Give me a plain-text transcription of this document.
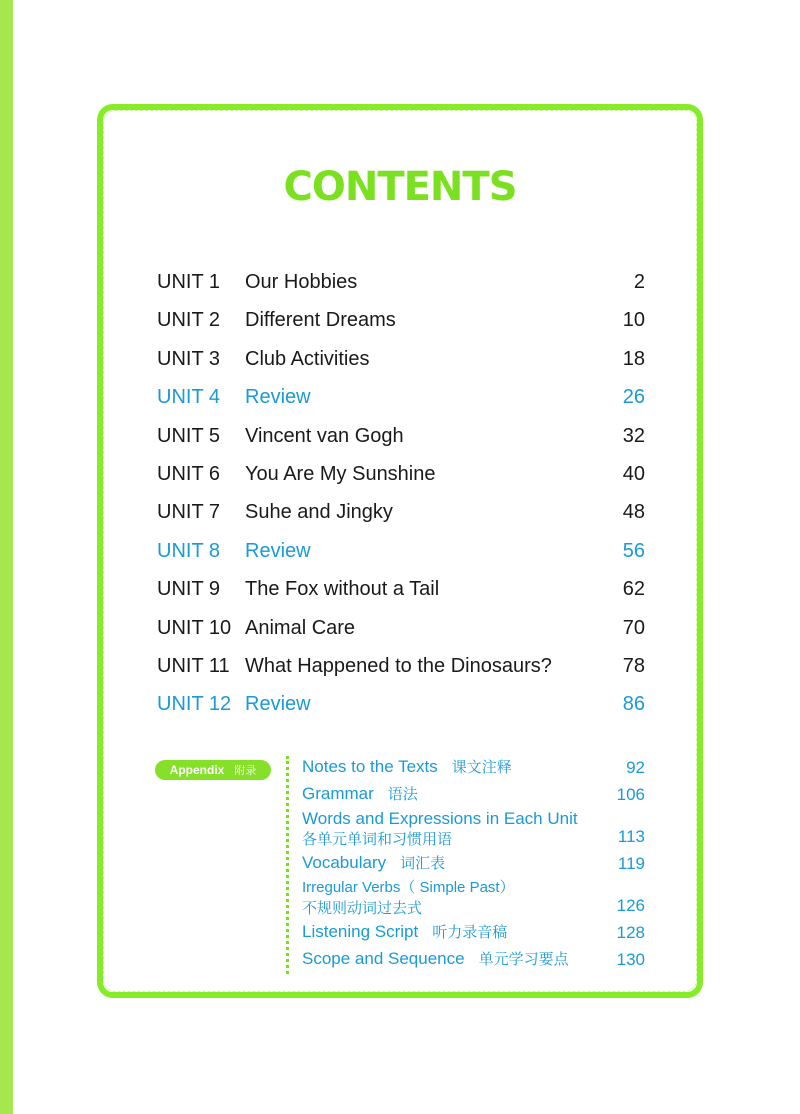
CONTENTS
UNIT 1 Our Hobbies	2
UNIT 2 Different Dreams	10
UNIT 3 Club Activities	18
UNIT 4 Review	26
UNIT 5 Vincent van Gogh	32
UNIT 6 You Are My Sunshine	40
UNIT 7 Suhe and Jingky	48
UNIT 8 Review	56
UNIT 9 The Fox without a Tail	62
UNIT 10 Animal Care	70
UNIT 11 What Happened to the Dinosaurs?	78
UNIT 12 Review	86
Appendix 附录	Notes to the Texts 课文注释	92
Grammar 语法	106
Words and Expressions in Each Unit
各单元单词和习惯用语	113
Vocabulary 词汇表	119
Irregular Verbs（ Simple Past）
不规则动词过去式	126
Listening Script 听力录音稿	128
Scope and Sequence 单元学习要点	130
